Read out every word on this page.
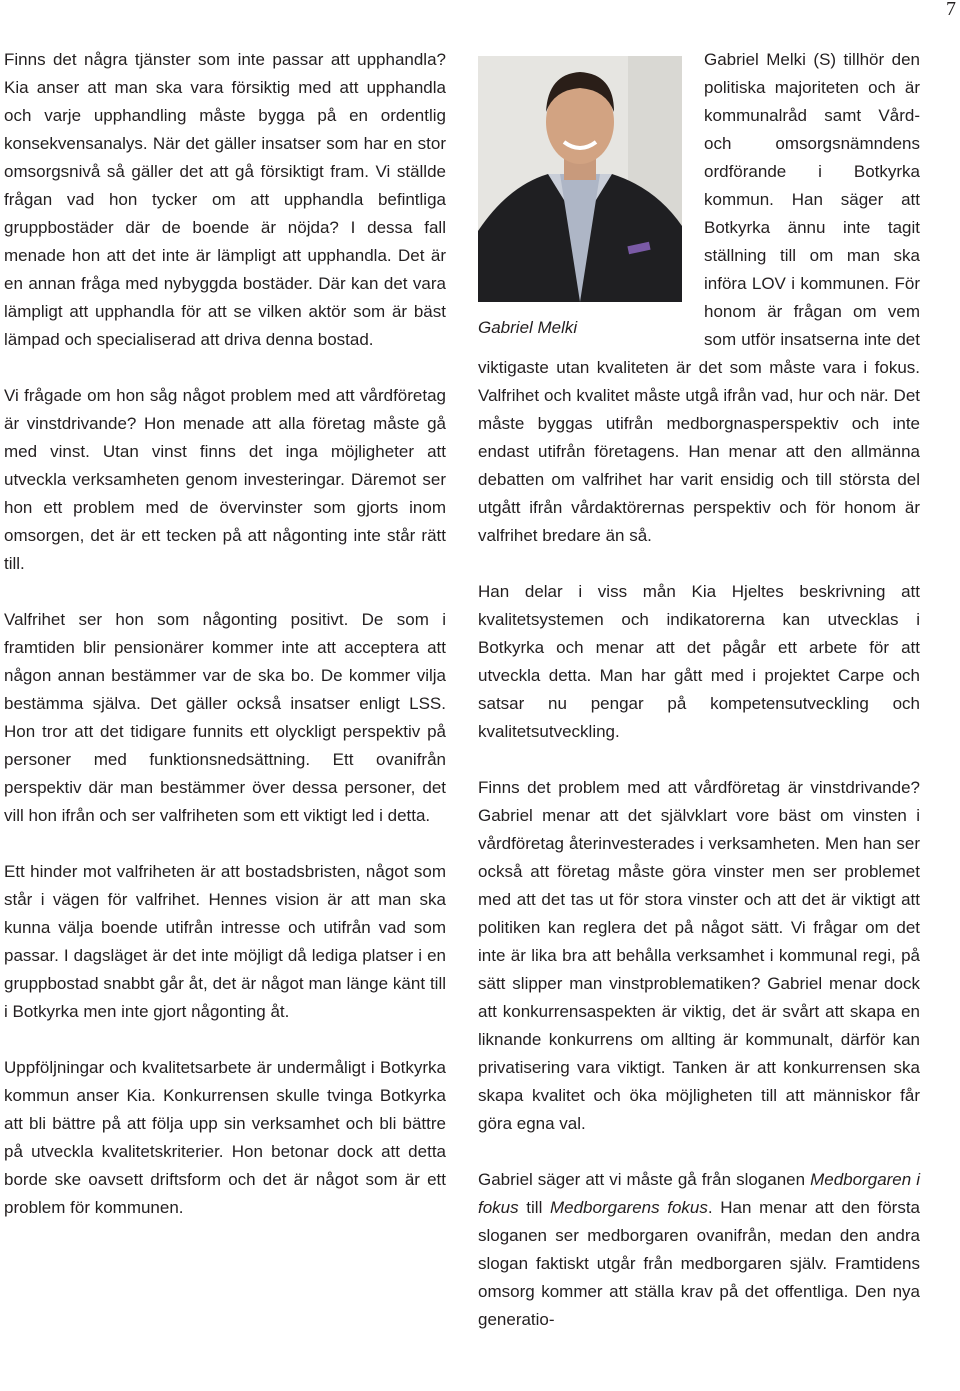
7

Finns det några tjänster som inte passar att upphandla? Kia anser att man ska vara försiktig med att upphandla och varje upphandling måste bygga på en ordentlig konsekvensanalys. När det gäller insatser som har en stor omsorgsnivå så gäller det att gå försiktigt fram. Vi ställde frågan vad hon tycker om att upphandla befintliga gruppbostäder där de boende är nöjda? I dessa fall menade hon att det inte är lämpligt att upphandla. Det är en annan fråga med nybyggda bostäder. Där kan det vara lämpligt att upphandla för att se vilken aktör som är bäst lämpad och specialiserad att driva denna bostad.

Vi frågade om hon såg något problem med att vårdföretag är vinstdrivande? Hon menade att alla företag måste gå med vinst. Utan vinst finns det inga möjligheter att utveckla verksamheten genom investeringar. Däremot ser hon ett problem med de övervinster som gjorts inom omsorgen, det är ett tecken på att någonting inte står rätt till.

Valfrihet ser hon som någonting positivt. De som i framtiden blir pensionärer kommer inte att acceptera att någon annan bestämmer var de ska bo. De kommer vilja bestämma själva. Det gäller också insatser enligt LSS. Hon tror att det tidigare funnits ett olyckligt perspektiv på personer med funktionsnedsättning. Ett ovanifrån perspektiv där man bestämmer över dessa personer, det vill hon ifrån och ser valfriheten som ett viktigt led i detta.

Ett hinder mot valfriheten är att bostadsbristen, något som står i vägen för valfrihet. Hennes vision är att man ska kunna välja boende utifrån intresse och utifrån vad som passar. I dagsläget är det inte möjligt då lediga platser i en gruppbostad snabbt går åt, det är något man länge känt till i Botkyrka men inte gjort någonting åt.

Uppföljningar och kvalitetsarbete är undermåligt i Botkyrka kommun anser Kia. Konkurrensen skulle tvinga Botkyrka att bli bättre på att följa upp sin verksamhet och bli bättre på utveckla kvalitetskriterier. Hon betonar dock att detta borde ske oavsett driftsform och det är något som är ett problem för kommunen.

Gabriel Melki

Gabriel Melki (S) tillhör den politiska majoriteten och är kommunalråd samt Vård- och omsorgsnämndens ordförande i Botkyrka kommun. Han säger att Botkyrka ännu inte tagit ställning till om man ska införa LOV i kommunen. För honom är frågan om vem som utför insatserna inte det viktigaste utan kvaliteten är det som måste vara i fokus. Valfrihet och kvalitet måste utgå ifrån vad, hur och när. Det måste byggas utifrån medborgnasperspektiv och inte endast utifrån företagens. Han menar att den allmänna debatten om valfrihet har varit ensidig och till största del utgått ifrån vårdaktörernas perspektiv och för honom är valfrihet bredare än så.

Han delar i viss mån Kia Hjeltes beskrivning att kvalitetsystemen och indikatorerna kan utvecklas i Botkyrka och menar att det pågår ett arbete för att utveckla detta. Man har gått med i projektet Carpe och satsar nu pengar på kompetensutveckling och kvalitetsutveckling.

Finns det problem med att vårdföretag är vinstdrivande? Gabriel menar att det självklart vore bäst om vinsten i vårdföretag återinvesterades i verksamheten. Men han ser också att företag måste göra vinster men ser problemet med att det tas ut för stora vinster och att det är viktigt att politiken kan reglera det på något sätt. Vi frågar om det inte är lika bra att behålla verksamhet i kommunal regi, på sätt slipper man vinstproblematiken? Gabriel menar dock att konkurrensaspekten är viktig, det är svårt att skapa en liknande konkurrens om allting är kommunalt, därför kan privatisering vara viktigt. Tanken är att konkurrensen ska skapa kvalitet och öka möjligheten till att människor får göra egna val.

Gabriel säger att vi måste gå från sloganen Medborgaren i fokus till Medborgarens fokus. Han menar att den första sloganen ser medborgaren ovanifrån, medan den andra slogan faktiskt utgår från medborgaren själv. Framtidens omsorg kommer att ställa krav på det offentliga. Den nya generatio-
